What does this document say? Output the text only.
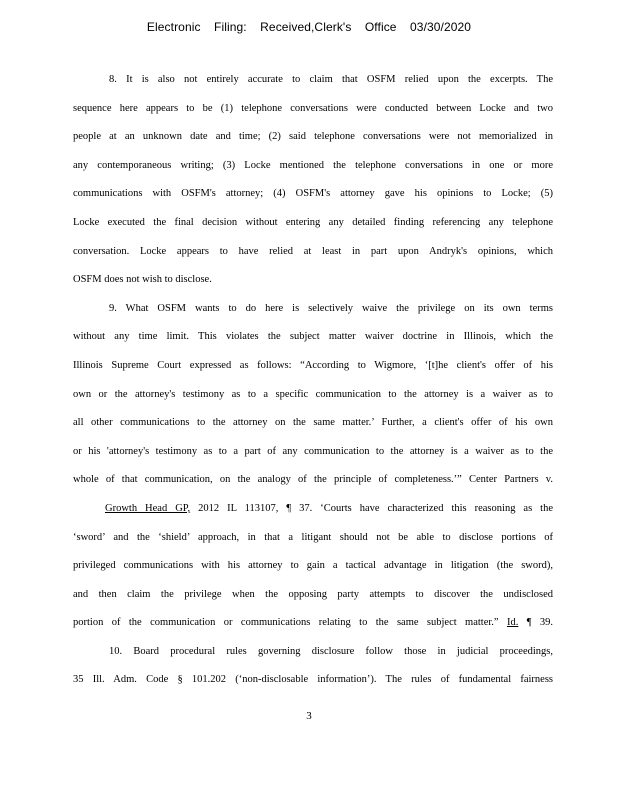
Electronic Filing: Received,Clerk's Office 03/30/2020
8. It is also not entirely accurate to claim that OSFM relied upon the excerpts. The
sequence here appears to be (1) telephone conversations were conducted between Locke and two
people at an unknown date and time; (2) said telephone conversations were not memorialized in
any contemporaneous writing; (3) Locke mentioned the telephone conversations in one or more
communications with OSFM's attorney; (4) OSFM's attorney gave his opinions to Locke; (5)
Locke executed the final decision without entering any detailed finding referencing any telephone
conversation. Locke appears to have relied at least in part upon Andryk's opinions, which
OSFM does not wish to disclose.
9. What OSFM wants to do here is selectively waive the privilege on its own terms
without any time limit. This violates the subject matter waiver doctrine in Illinois, which the
Illinois Supreme Court expressed as follows: “According to Wigmore, ‘[t]he client's offer of his
own or the attorney's testimony as to a specific communication to the attorney is a waiver as to
all other communications to the attorney on the same matter.’ Further, a client's offer of his own
or his 'attorney's testimony as to a part of any communication to the attorney is a waiver as to the
whole of that communication, on the analogy of the principle of completeness.’” Center Partners v.
Growth Head GP, 2012 IL 113107, ¶ 37. ‘Courts have characterized this reasoning as the
‘sword’ and the ‘shield’ approach, in that a litigant should not be able to disclose portions of
privileged communications with his attorney to gain a tactical advantage in litigation (the sword),
and then claim the privilege when the opposing party attempts to discover the undisclosed
portion of the communication or communications relating to the same subject matter.” Id. ¶ 39.
10. Board procedural rules governing disclosure follow those in judicial proceedings,
35 Ill. Adm. Code § 101.202 (‘non-disclosable information’). The rules of fundamental fairness
3
